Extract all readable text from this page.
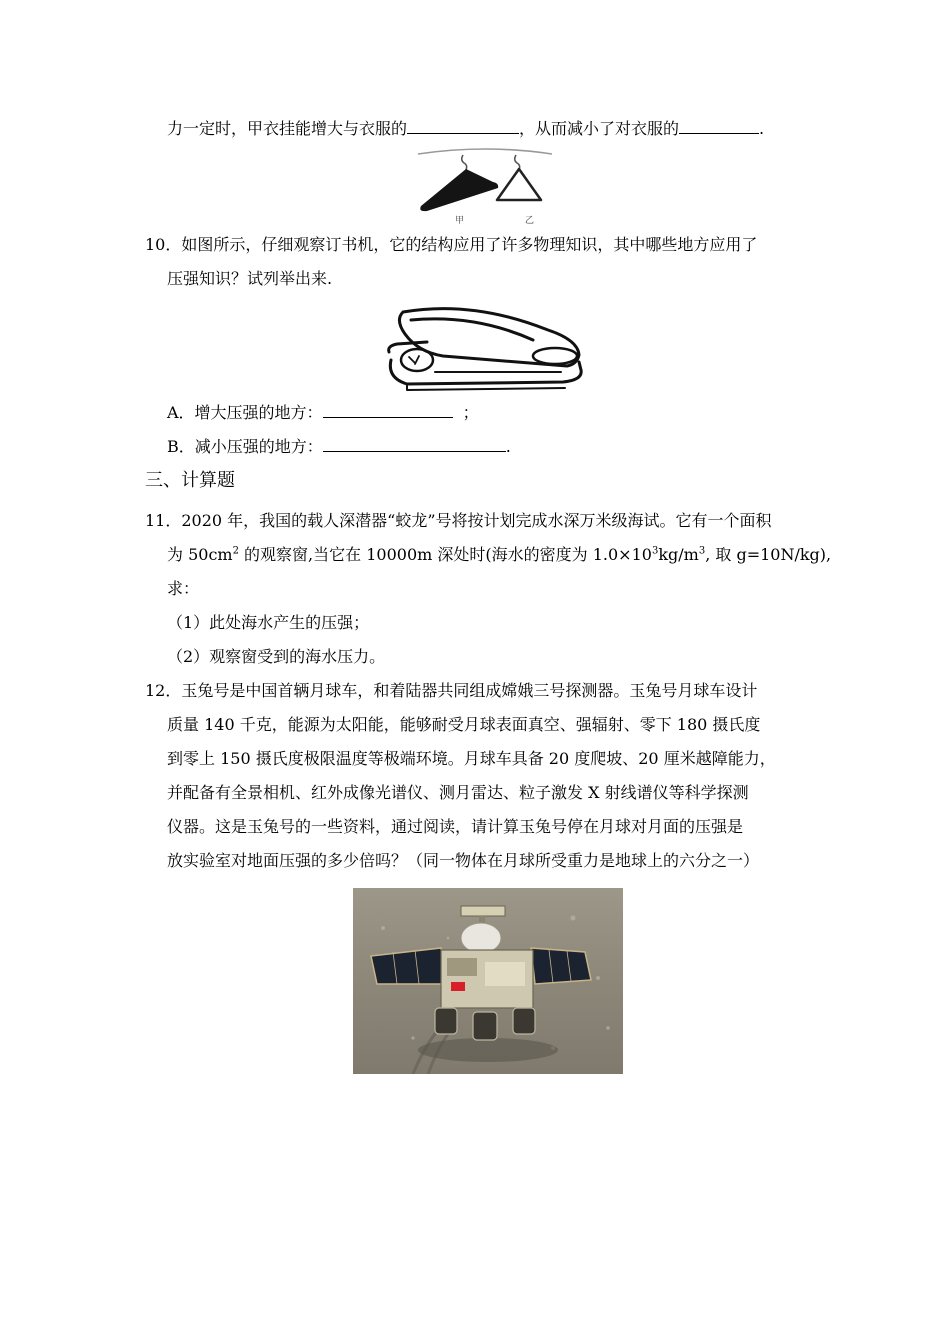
力一定时，甲衣挂能增大与衣服的	，从而减小了对衣服的	.
甲	乙
10．如图所示，仔细观察订书机，它的结构应用了许多物理知识，其中哪些地方应用了
压强知识？试列举出来.
A．增大压强的地方：	；
B．减小压强的地方：	.
三、计算题
11．2020 年，我国的载人深潜器“蛟龙”号将按计划完成水深万米级海试。它有一个面积
为 $50cm^2$ 的观察窗,当它在 10000m 深处时(海水的密度为 $1.0\times 10^3kg/m^3$, 取 g=10N/kg),
求：
（1）此处海水产生的压强；
（2）观察窗受到的海水压力。
12．玉兔号是中国首辆月球车，和着陆器共同组成嫦娥三号探测器。玉兔号月球车设计
质量 140 千克，能源为太阳能，能够耐受月球表面真空、强辐射、零下 180 摄氏度
到零上 150 摄氏度极限温度等极端环境。月球车具备 20 度爬坡、20 厘米越障能力，
并配备有全景相机、红外成像光谱仪、测月雷达、粒子激发 X 射线谱仪等科学探测
仪器。这是玉兔号的一些资料，通过阅读，请计算玉兔号停在月球对月面的压强是
放实验室对地面压强的多少倍吗？（同一物体在月球所受重力是地球上的六分之一）
